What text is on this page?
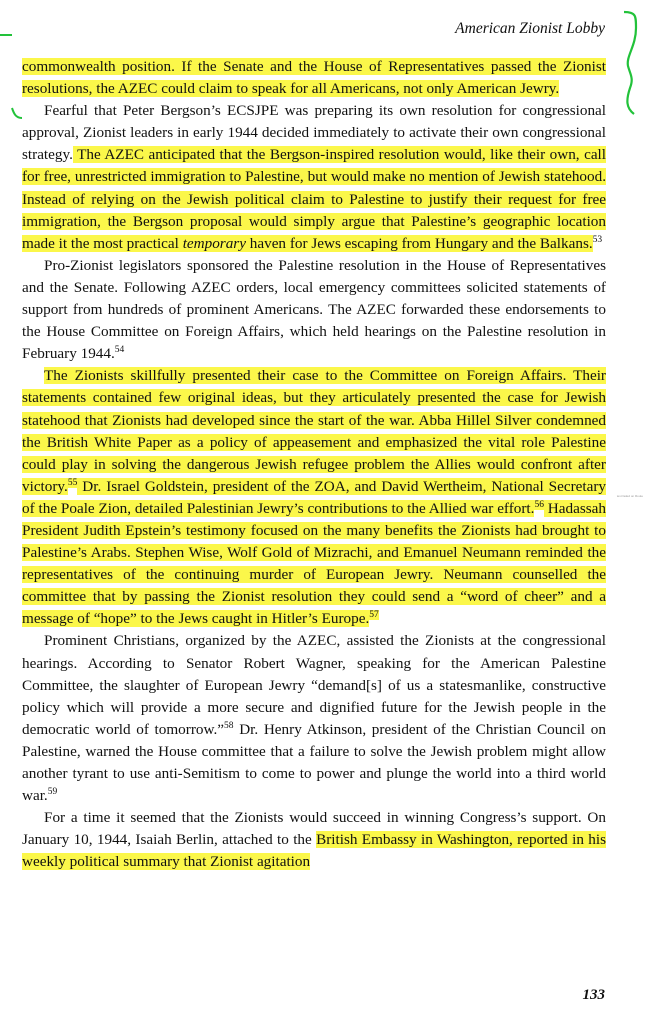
American Zionist Lobby

commonwealth position. If the Senate and the House of Representatives passed the Zionist resolutions, the AZEC could claim to speak for all Americans, not only American Jewry.

Fearful that Peter Bergson’s ECSJPE was preparing its own resolution for congressional approval, Zionist leaders in early 1944 decided immediately to activate their own congressional strategy. The AZEC anticipated that the Bergson-inspired resolution would, like their own, call for free, unrestricted immigration to Palestine, but would make no mention of Jewish statehood. Instead of relying on the Jewish political claim to Palestine to justify their request for free immigration, the Bergson proposal would simply argue that Palestine’s geographic location made it the most practical temporary haven for Jews escaping from Hungary and the Balkans.$^{53}$

Pro-Zionist legislators sponsored the Palestine resolution in the House of Representatives and the Senate. Following AZEC orders, local emergency committees solicited statements of support from hundreds of prominent Americans. The AZEC forwarded these endorsements to the House Committee on Foreign Affairs, which held hearings on the Palestine resolution in February 1944.54

The Zionists skillfully presented their case to the Committee on Foreign Affairs. Their statements contained few original ideas, but they articulately presented the case for Jewish statehood that Zionists had developed since the start of the war. Abba Hillel Silver condemned the British White Paper as a policy of appeasement and emphasized the vital role Palestine could play in solving the dangerous Jewish refugee problem the Allies would confront after victory.$^{55}$ Dr. Israel Goldstein, president of the ZOA, and David Wertheim, National Secretary of the Poale Zion, detailed Palestinian Jewry’s contributions to the Allied war effort.$^{56}$ Hadassah President Judith Epstein’s testimony focused on the many benefits the Zionists had brought to Palestine’s Arabs. Stephen Wise, Wolf Gold of Mizrachi, and Emanuel Neumann reminded the representatives of the continuing murder of European Jewry. Neumann counselled the committee that by passing the Zionist resolution they could send a “word of cheer” and a message of “hope” to the Jews caught in Hitler’s Europe.$^{57}$

Prominent Christians, organized by the AZEC, assisted the Zionists at the congressional hearings. According to Senator Robert Wagner, speaking for the American Palestine Committee, the slaughter of European Jewry “demand[s] of us a statesmanlike, constructive policy which will provide a more secure and dignified future for the Jewish people in the democratic world of tomorrow.”$^{58}$ Dr. Henry Atkinson, president of the Christian Council on Palestine, warned the House committee that a failure to solve the Jewish problem might allow another tyrant to use anti-Semitism to come to power and plunge the world into a third world war.$^{59}$

For a time it seemed that the Zionists would succeed in winning Congress’s support. On January 10, 1944, Isaiah Berlin, attached to the British Embassy in Washington, reported in his weekly political summary that Zionist agitation

text faded on Route
133
